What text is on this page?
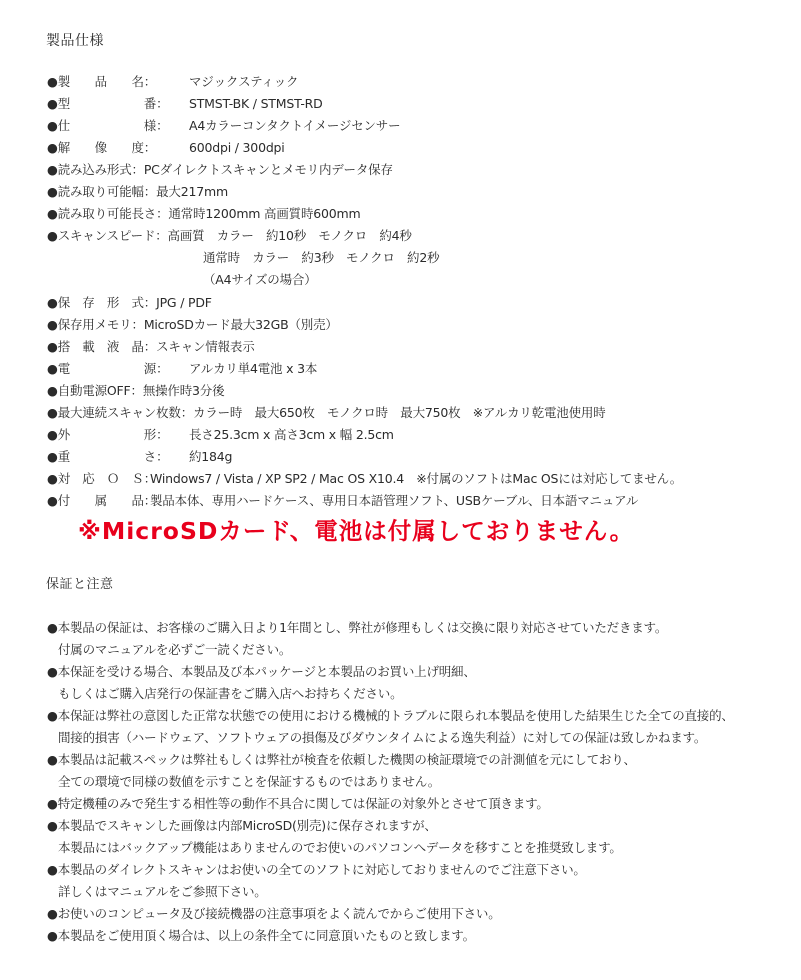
製品仕様
●製　　品　　名：	マジックスティック
●型　　　　　　番： STMST-BK / STMST-RD
●仕　　　　　　様： A4カラーコンタクトイメージセンサー
●解　　像　　度：	600dpi / 300dpi
●読み込み形式：PCダイレクトスキャンとメモリ内データ保存
●読み取り可能幅：最大217mm
●読み取り可能長さ：通常時1200mm 高画質時600mm
●スキャンスピード：高画質　カラー　約10秒　モノクロ　約4秒
通常時　カラー　約3秒　モノクロ　約2秒
（A4サイズの場合）
●保　存　形　式：JPG / PDF
●保存用メモリ：MicroSDカード最大32GB（別売）
●搭　載　液　晶：スキャン情報表示
●電　　　　　　源： アルカリ単4電池 x 3本
●自動電源OFF：無操作時3分後
●最大連続スキャン枚数：カラー時　最大650枚　モノクロ時　最大750枚　※アルカリ乾電池使用時
●外　　　　　　形： 長さ25.3cm x 高さ3cm x 幅 2.5cm
●重　　　　　　さ： 約184g
●対　応　Ｏ　Ｓ：Windows7 / Vista / XP SP2 / Mac OS X10.4　※付属のソフトはMac OSには対応してません。
●付　　属　　品：製品本体、専用ハードケース、専用日本語管理ソフト、USBケーブル、日本語マニュアル
※MicroSDカード、電池は付属しておりません。
保証と注意
●本製品の保証は、お客様のご購入日より1年間とし、弊社が修理もしくは交換に限り対応させていただきます。
付属のマニュアルを必ずご一読ください。
●本保証を受ける場合、本製品及び本パッケージと本製品のお買い上げ明細、
もしくはご購入店発行の保証書をご購入店へお持ちください。
●本保証は弊社の意図した正常な状態での使用における機械的トラブルに限られ本製品を使用した結果生じた全ての直接的、
間接的損害（ハードウェア、ソフトウェアの損傷及びダウンタイムによる逸失利益）に対しての保証は致しかねます。
●本製品は記載スペックは弊社もしくは弊社が検査を依頼した機関の検証環境での計測値を元にしており、
全ての環境で同様の数値を示すことを保証するものではありません。
●特定機種のみで発生する相性等の動作不具合に関しては保証の対象外とさせて頂きます。
●本製品でスキャンした画像は内部MicroSD(別売)に保存されますが、
本製品にはバックアップ機能はありませんのでお使いのパソコンへデータを移すことを推奨致します。
●本製品のダイレクトスキャンはお使いの全てのソフトに対応しておりませんのでご注意下さい。
詳しくはマニュアルをご参照下さい。
●お使いのコンピュータ及び接続機器の注意事項をよく読んでからご使用下さい。
●本製品をご使用頂く場合は、以上の条件全てに同意頂いたものと致します。
